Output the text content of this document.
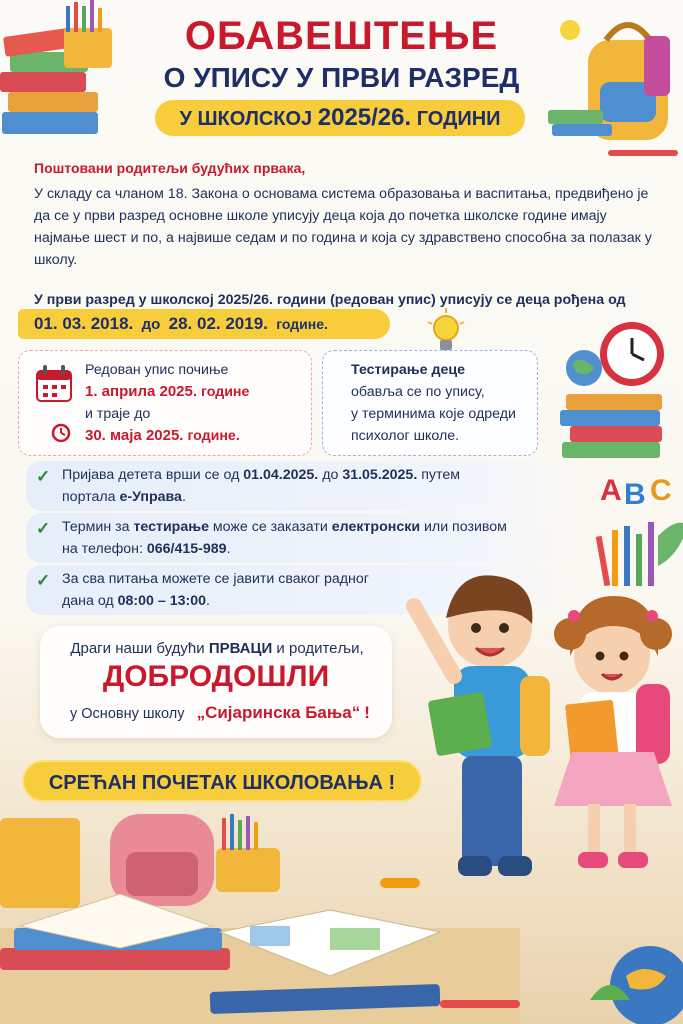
ОБАВЕШТЕЊЕ
О УПИСУ У ПРВИ РАЗРЕД
У ШКОЛСКОЈ 2025/26. ГОДИНИ
Поштовани родитељи будућих првака,
У складу са чланом 18. Закона о основама система образовања и васпитања, предвиђено је да се у први разред основне школе уписују деца која до почетка школске године имају најмање шест и по, а највише седам и по година и која су здравствено способна за полазак у школу.
У први разред у школској 2025/26. години (редован упис) уписују се деца рођена од
01. 03. 2018. до 28. 02. 2019. године.
Редован упис почиње
1. априла 2025. године
и траје до
30. маја 2025. године.
Тестирање деце
обавља се по упису,
у терминима које одреди
психолог школе.
✓ Пријава детета врши се од 01.04.2025. до 31.05.2025. путем
портала е-Управа.
✓ Термин за тестирање може се заказати електронски или позивом
на телефон: 066/415-989.
✓ За сва питања можете се јавити сваког радног
дана од 08:00 – 13:00.
A B C
Драги наши будући ПРВАЦИ и родитељи,
ДОБРОДОШЛИ
у Основну школу „Сијаринска Бања“ !
СРЕЋАН ПОЧЕТАК ШКОЛОВАЊА !
